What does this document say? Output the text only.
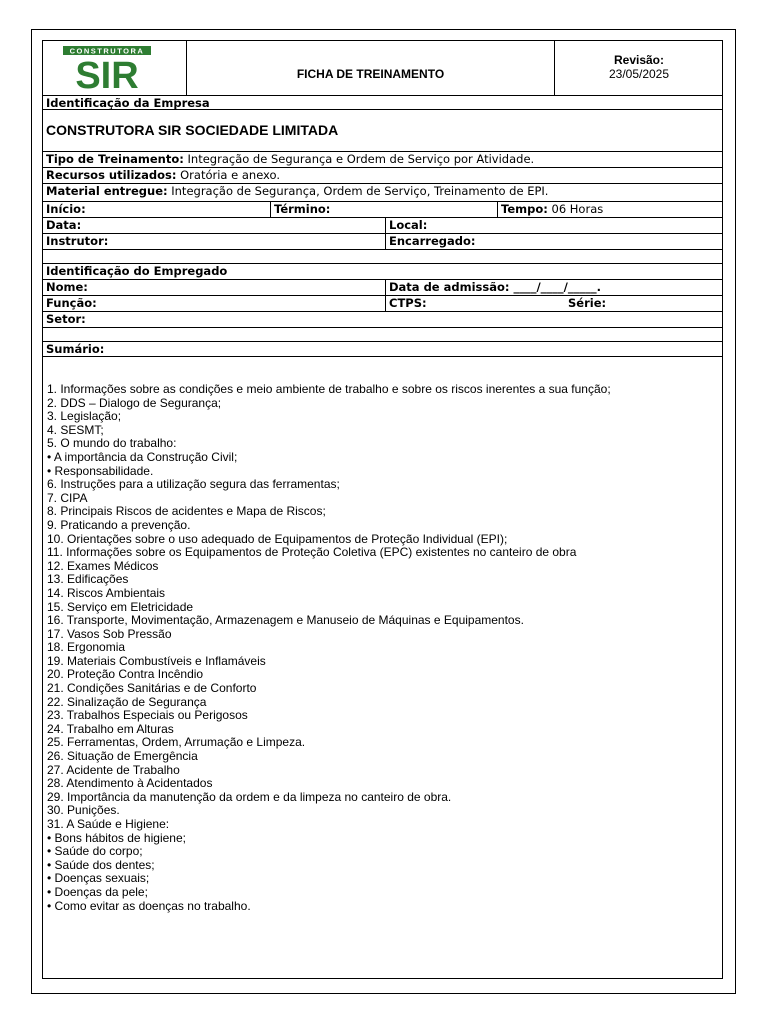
CONSTRUTORA
SIR	FICHA DE TREINAMENTO
Revisão:
23/05/2025
Identificação da Empresa
CONSTRUTORA SIR SOCIEDADE LIMITADA
Tipo de Treinamento: Integração de Segurança e Ordem de Serviço por Atividade.
Recursos utilizados: Oratória e anexo.
Material entregue: Integração de Segurança, Ordem de Serviço, Treinamento de EPI.
Início:	Término:	Tempo: 06 Horas
Data:	Local:
Instrutor:	Encarregado:
Identificação do Empregado
Nome:	Data de admissão: ____/____/_____.
Função:	CTPS:	Série:
Setor:
Sumário:
1. Informações sobre as condições e meio ambiente de trabalho e sobre os riscos inerentes a sua função;
2. DDS – Dialogo de Segurança;
3. Legislação;
4. SESMT;
5. O mundo do trabalho:
• A importância da Construção Civil;
• Responsabilidade.
6. Instruções para a utilização segura das ferramentas;
7. CIPA
8. Principais Riscos de acidentes e Mapa de Riscos;
9. Praticando a prevenção.
10. Orientações sobre o uso adequado de Equipamentos de Proteção Individual (EPI);
11. Informações sobre os Equipamentos de Proteção Coletiva (EPC) existentes no canteiro de obra
12. Exames Médicos
13. Edificações
14. Riscos Ambientais
15. Serviço em Eletricidade
16. Transporte, Movimentação, Armazenagem e Manuseio de Máquinas e Equipamentos.
17. Vasos Sob Pressão
18. Ergonomia
19. Materiais Combustíveis e Inflamáveis
20. Proteção Contra Incêndio
21. Condições Sanitárias e de Conforto
22. Sinalização de Segurança
23. Trabalhos Especiais ou Perigosos
24. Trabalho em Alturas
25. Ferramentas, Ordem, Arrumação e Limpeza.
26. Situação de Emergência
27. Acidente de Trabalho
28. Atendimento à Acidentados
29. Importância da manutenção da ordem e da limpeza no canteiro de obra.
30. Punições.
31. A Saúde e Higiene:
• Bons hábitos de higiene;
• Saúde do corpo;
• Saúde dos dentes;
• Doenças sexuais;
• Doenças da pele;
• Como evitar as doenças no trabalho.
